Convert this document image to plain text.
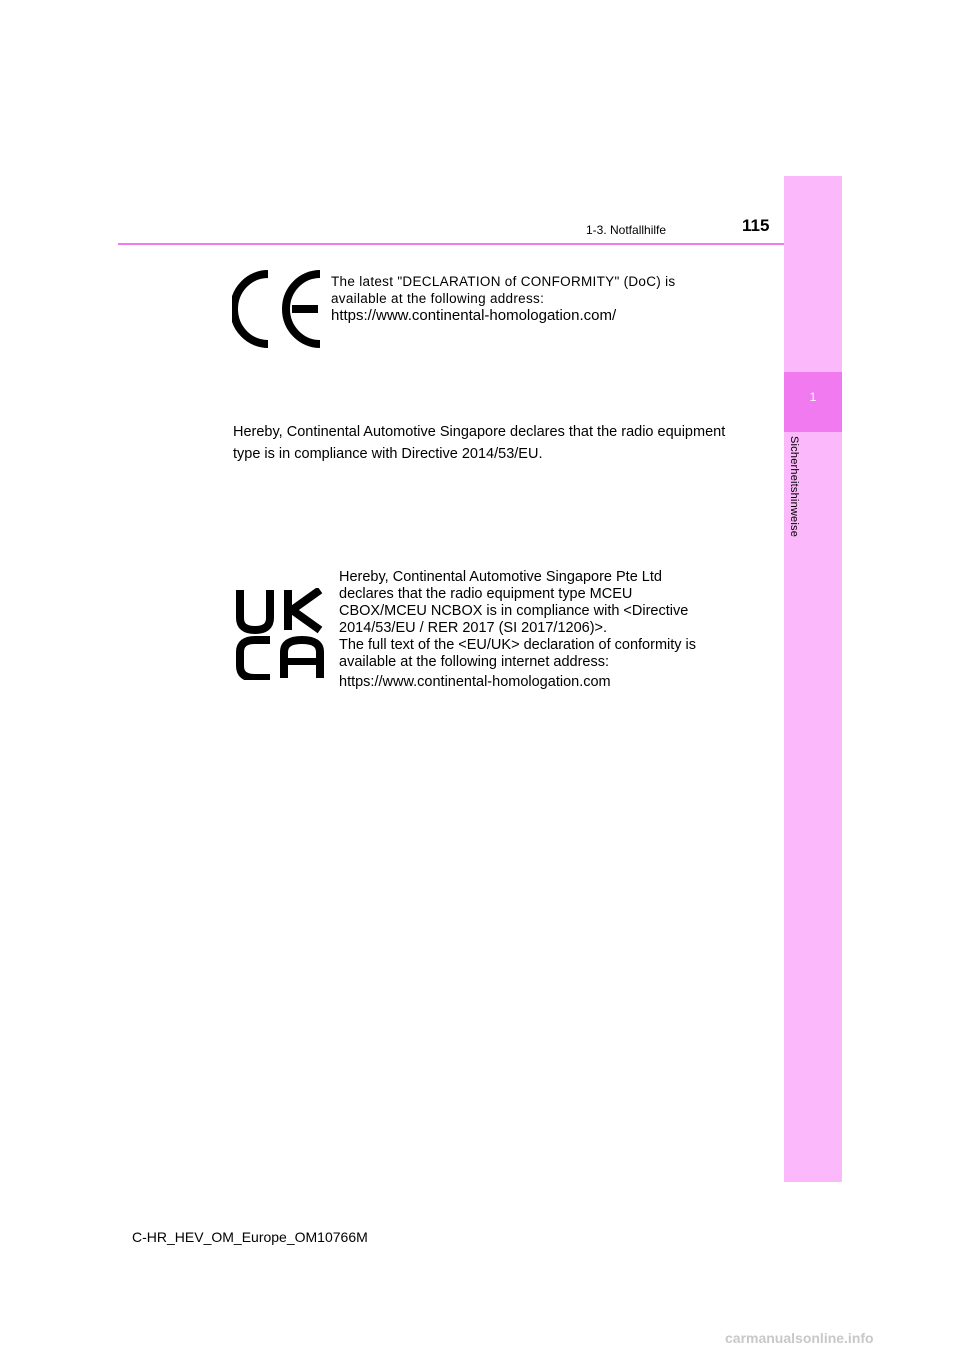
1
Sicherheitshinweise
1-3. Notfallhilfe	115
The latest "DECLARATION of CONFORMITY" (DoC) is
available at the following address:
https://www.continental-homologation.com/
Hereby, Continental Automotive Singapore declares that the radio equipment type is in compliance with Directive 2014/53/EU.
Hereby, Continental Automotive Singapore Pte Ltd
declares that the radio equipment type MCEU
CBOX/MCEU NCBOX is in compliance with <Directive
2014/53/EU / RER 2017 (SI 2017/1206)>.
The full text of the <EU/UK> declaration of conformity is
available at the following internet address:
https://www.continental-homologation.com
C-HR_HEV_OM_Europe_OM10766M
carmanualsonline.info
